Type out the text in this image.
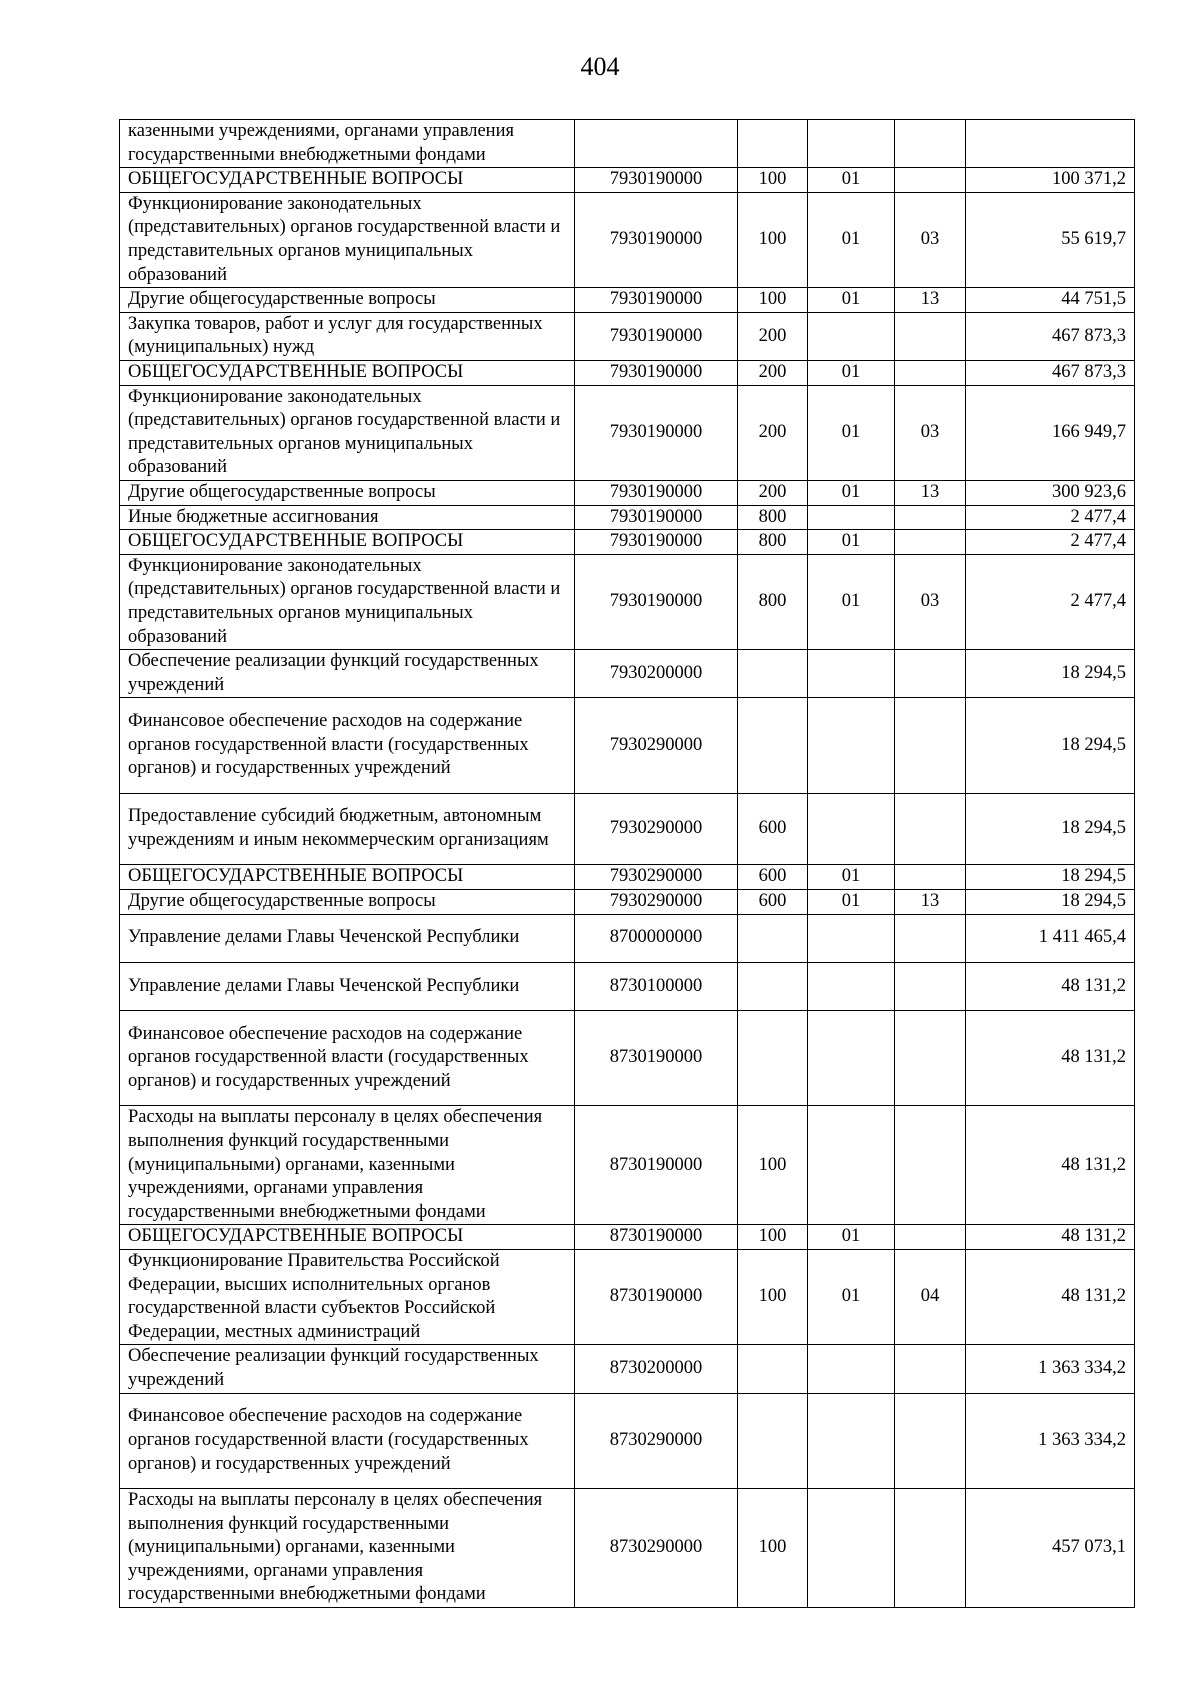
404
казенными учреждениями, органами управления государственными внебюджетными фондами					
ОБЩЕГОСУДАРСТВЕННЫЕ ВОПРОСЫ	7930190000	100	01		100 371,2
Функционирование законодательных (представительных) органов государственной власти и представительных органов муниципальных образований	7930190000	100	01	03	55 619,7
Другие общегосударственные вопросы	7930190000	100	01	13	44 751,5
Закупка товаров, работ и услуг для государственных (муниципальных) нужд	7930190000	200			467 873,3
ОБЩЕГОСУДАРСТВЕННЫЕ ВОПРОСЫ	7930190000	200	01		467 873,3
Функционирование законодательных (представительных) органов государственной власти и представительных органов муниципальных образований	7930190000	200	01	03	166 949,7
Другие общегосударственные вопросы	7930190000	200	01	13	300 923,6
Иные бюджетные ассигнования	7930190000	800			2 477,4
ОБЩЕГОСУДАРСТВЕННЫЕ ВОПРОСЫ	7930190000	800	01		2 477,4
Функционирование законодательных (представительных) органов государственной власти и представительных органов муниципальных образований	7930190000	800	01	03	2 477,4
Обеспечение реализации функций государственных учреждений	7930200000				18 294,5
Финансовое обеспечение расходов на содержание органов государственной власти (государственных органов) и государственных учреждений	7930290000				18 294,5
Предоставление субсидий бюджетным, автономным учреждениям и иным некоммерческим организациям	7930290000	600			18 294,5
ОБЩЕГОСУДАРСТВЕННЫЕ ВОПРОСЫ	7930290000	600	01		18 294,5
Другие общегосударственные вопросы	7930290000	600	01	13	18 294,5
Управление делами Главы Чеченской Республики	8700000000				1 411 465,4
Управление делами Главы Чеченской Республики	8730100000				48 131,2
Финансовое обеспечение расходов на содержание органов государственной власти (государственных органов) и государственных учреждений	8730190000				48 131,2
Расходы на выплаты персоналу в целях обеспечения выполнения функций государственными (муниципальными) органами, казенными учреждениями, органами управления государственными внебюджетными фондами	8730190000	100			48 131,2
ОБЩЕГОСУДАРСТВЕННЫЕ ВОПРОСЫ	8730190000	100	01		48 131,2
Функционирование Правительства Российской Федерации, высших исполнительных органов государственной власти субъектов Российской Федерации, местных администраций	8730190000	100	01	04	48 131,2
Обеспечение реализации функций государственных учреждений	8730200000				1 363 334,2
Финансовое обеспечение расходов на содержание органов государственной власти (государственных органов) и государственных учреждений	8730290000				1 363 334,2
Расходы на выплаты персоналу в целях обеспечения выполнения функций государственными (муниципальными) органами, казенными учреждениями, органами управления государственными внебюджетными фондами	8730290000	100			457 073,1
